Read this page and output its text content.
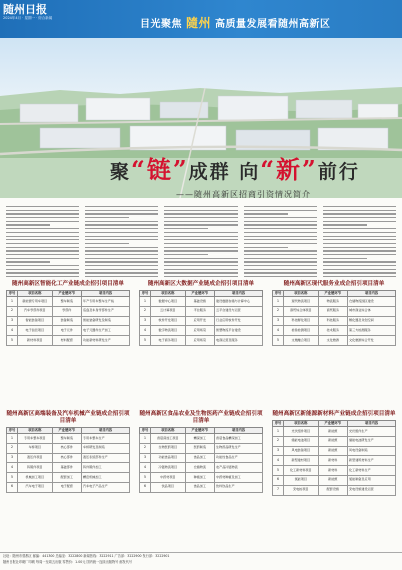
随州日报
2024年4月 · 星期一 · 综合新闻
目光聚焦 隨州 高质量发展看随州高新区
聚“链”成群 向“新”前行
——随州高新区招商引资情况简介
随州高新区智能化工产业链成企招引项目清单
序号	项目名称	产业链环节	项目内容
1	新能源专用车项目	整车制造	年产专用车整车生产线
2	汽车零部件项目	零部件	底盘及车身零部件生产
3	智能装备项目	装备制造	智能装备研发及制造
4	电子信息项目	电子元件	电子元器件生产加工
5	新材料项目	材料配套	功能新材料研发生产
随州高新区大数据产业链成企招引项目清单
序号	项目名称	产业链环节	项目内容
1	数据中心项目	基础设施	建设数据存储与计算中心
2	云计算项目	平台服务	云平台建设与运营
3	软件开发项目	应用开发	行业应用软件开发
4	数字物流项目	应用场景	智慧物流平台建设
5	电子商务项目	应用场景	电商运营及服务
随州高新区现代服务业成企招引项目清单
序号	项目名称	产业链环节	项目内容
1	现代物流项目	物流服务	仓储物流园区建设
2	商贸综合体项目	商贸服务	城市商业综合体
3	科技孵化项目	科技服务	孵化器及众创空间
4	检验检测项目	技术服务	第三方检测服务
5	文旅融合项目	文化旅游	文化旅游综合开发
随州高新区高端装备及汽车机械产业链成企招引项目清单
序号	项目名称	产业链环节	项目内容
1	专用车整车项目	整车制造	专用车整车生产
2	车桥项目	核心部件	车桥研发及制造
3	液压件项目	核心部件	液压系统部件生产
4	铸锻件项目	基础部件	铸件锻件加工
5	机械加工项目	配套加工	精密机械加工
6	汽车电子项目	电子配套	汽车电子产品生产
随州高新区食品农业及生物医药产业链成企招引项目清单
序号	项目名称	产业链环节	项目内容
1	香菇深加工项目	精深加工	香菇食品精深加工
2	生物医药项目	医药制造	生物药品研发生产
3	功能食品项目	食品加工	功能性食品生产
4	冷链物流项目	仓储物流	农产品冷链物流
5	中药材项目	种植加工	中药材种植及加工
6	饮品项目	食品加工	饮料饮品生产
随州高新区新能源新材料产业链成企招引项目清单
序号	项目名称	产业链环节	项目内容
1	光伏组件项目	新能源	光伏组件生产
2	储能电池项目	新能源	储能电池研发生产
3	风电装备项目	新能源	风电设备制造
4	新型建材项目	新材料	新型建筑材料生产
5	化工新材料项目	新材料	化工新材料生产
6	氢能项目	新能源	氢能制备及应用
7	充电桩项目	配套设施	充电设施建设运营
社址：随州市曾都区 邮编：441300 总编室：3222800 新闻热线：3222911 广告部：3222900 发行部：3222901
随州日报社印刷厂印刷 每周一至周五出版 零售价：1.00元 国内统一连续出版物号 邮发代号
